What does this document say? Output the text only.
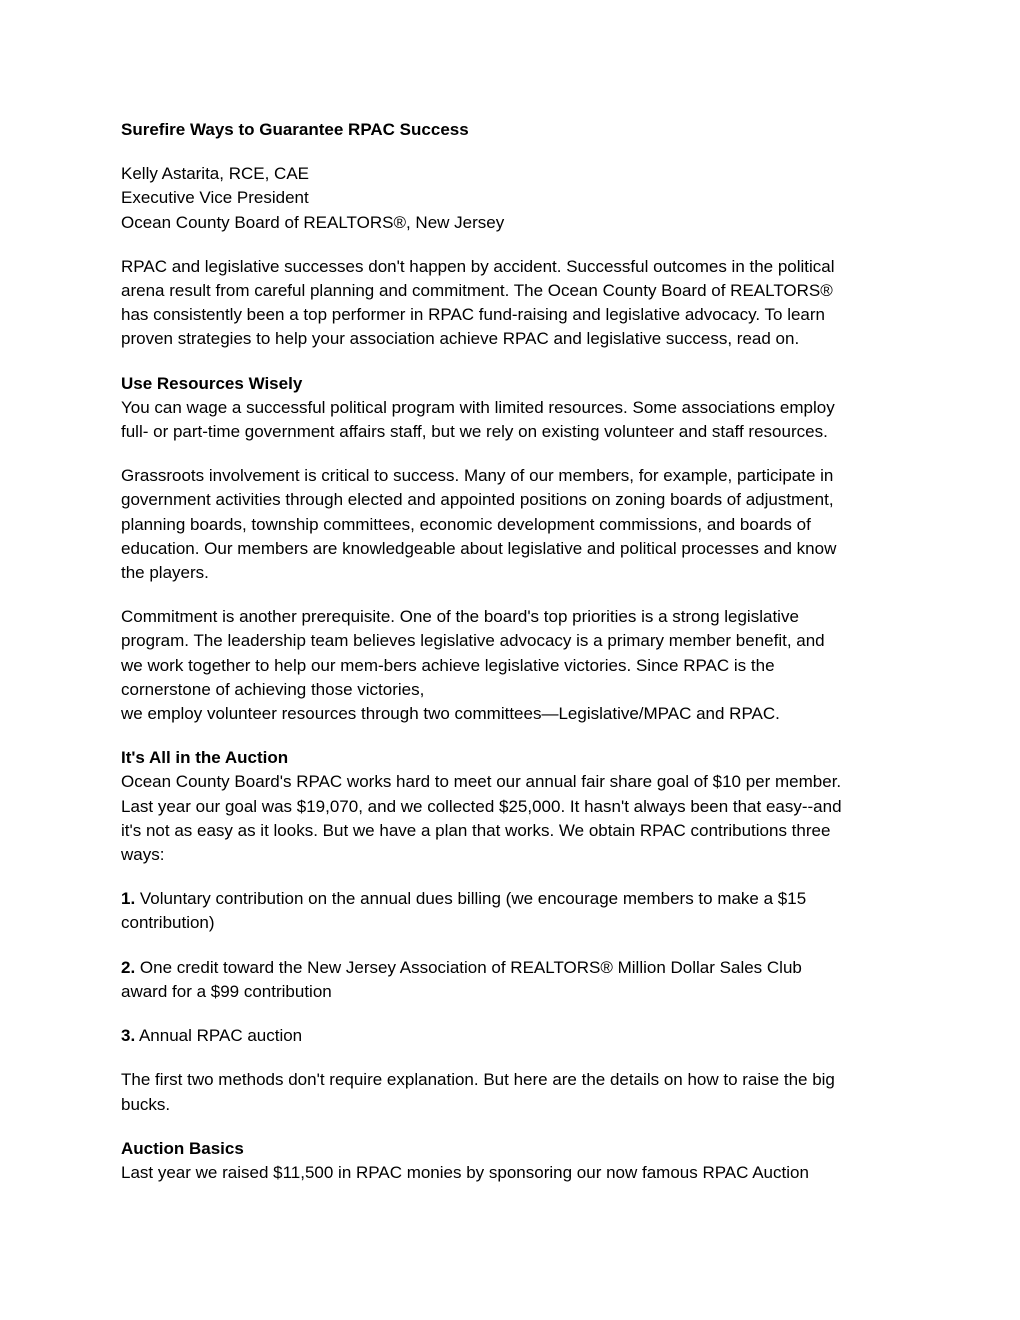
Surefire Ways to Guarantee RPAC Success

Kelly Astarita, RCE, CAE
Executive Vice President
Ocean County Board of REALTORS®, New Jersey

RPAC and legislative successes don't happen by accident. Successful outcomes in the political
arena result from careful planning and commitment. The Ocean County Board of REALTORS®
has consistently been a top performer in RPAC fund-raising and legislative advocacy. To learn
proven strategies to help your association achieve RPAC and legislative success, read on.

Use Resources Wisely
You can wage a successful political program with limited resources. Some associations employ
full- or part-time government affairs staff, but we rely on existing volunteer and staff resources.

Grassroots involvement is critical to success. Many of our members, for example, participate in
government activities through elected and appointed positions on zoning boards of adjustment,
planning boards, township committees, economic development commissions, and boards of
education. Our members are knowledgeable about legislative and political processes and know
the players.

Commitment is another prerequisite. One of the board's top priorities is a strong legislative
program. The leadership team believes legislative advocacy is a primary member benefit, and
we work together to help our mem-bers achieve legislative victories. Since RPAC is the
cornerstone of achieving those victories,
we employ volunteer resources through two committees—Legislative/MPAC and RPAC.

It's All in the Auction
Ocean County Board's RPAC works hard to meet our annual fair share goal of $10 per member.
Last year our goal was $19,070, and we collected $25,000. It hasn't always been that easy--and
it's not as easy as it looks. But we have a plan that works. We obtain RPAC contributions three
ways:

1. Voluntary contribution on the annual dues billing (we encourage members to make a $15
contribution)

2. One credit toward the New Jersey Association of REALTORS® Million Dollar Sales Club
award for a $99 contribution

3. Annual RPAC auction

The first two methods don't require explanation. But here are the details on how to raise the big
bucks.

Auction Basics
Last year we raised $11,500 in RPAC monies by sponsoring our now famous RPAC Auction
